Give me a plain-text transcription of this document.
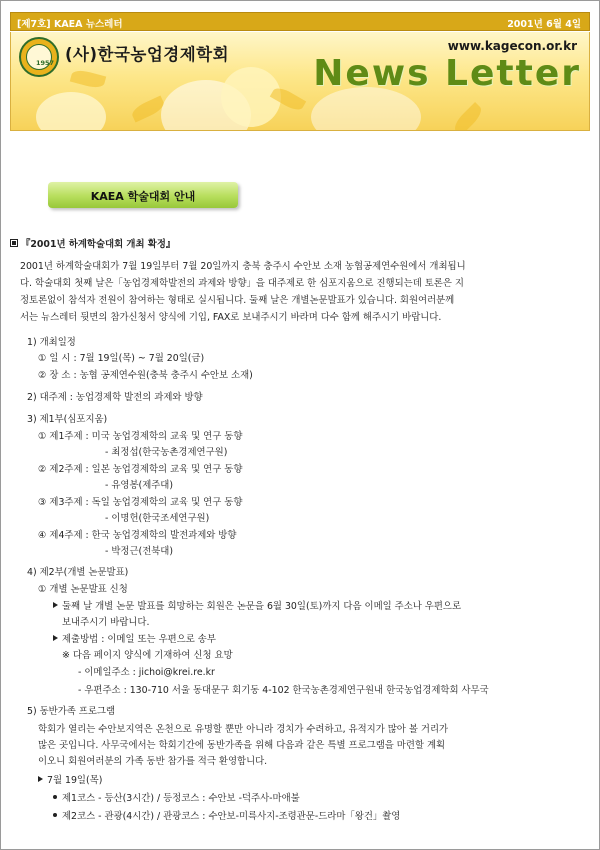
[제7호] KAEA 뉴스레터	2001년 6월 4일
1957 (사)한국농업경제학회	www.kagecon.or.kr
News Letter
KAEA 학술대회 안내
『2001년 하계학술대회 개최 확정』
2001년 하계학술대회가 7월 19일부터 7월 20일까지 충북 충주시 수안보 소재 농협공제연수원에서 개최됩니
다. 학술대회 첫째 날은「농업경제학발전의 과제와 방향」을 대주제로 한 심포지움으로 진행되는데 토론은 지
정토론없이 참석자 전원이 참여하는 형태로 실시됩니다. 둘째 날은 개별논문발표가 있습니다. 회원여러분께
서는 뉴스레터 뒷면의 참가신청서 양식에 기입, FAX로 보내주시기 바라며 다수 함께 해주시기 바랍니다.
1) 개최일정
① 일 시 : 7월 19일(목) ~ 7월 20일(금)
② 장 소 : 농협 공제연수원(충북 충주시 수안보 소재)
2) 대주제 : 농업경제학 발전의 과제와 방향
3) 제1부(심포지움)
① 제1주제 : 미국 농업경제학의 교육 및 연구 동향
- 최정섭(한국농촌경제연구원)
② 제2주제 : 일본 농업경제학의 교육 및 연구 동향
- 유영봉(제주대)
③ 제3주제 : 독일 농업경제학의 교육 및 연구 동향
- 이명헌(한국조세연구원)
④ 제4주제 : 한국 농업경제학의 발전과제와 방향
- 박정근(전북대)
4) 제2부(개별 논문발표)
① 개별 논문발표 신청
둘째 날 개별 논문 발표를 희망하는 회원은 논문을 6월 30일(토)까지 다음 이메일 주소나 우편으로
보내주시기 바랍니다.
제출방법 : 이메일 또는 우편으로 송부
※ 다음 페이지 양식에 기재하여 신청 요망
- 이메일주소 : jichoi@krei.re.kr
- 우편주소 : 130-710 서울 동대문구 회기동 4-102 한국농촌경제연구원내 한국농업경제학회 사무국
5) 동반가족 프로그램
학회가 열리는 수안보지역은 온천으로 유명할 뿐만 아니라 경치가 수려하고, 유적지가 많아 볼 거리가
많은 곳입니다. 사무국에서는 학회기간에 동반가족을 위해 다음과 같은 특별 프로그램을 마련할 계획
이오니 회원여러분의 가족 동반 참가를 적극 환영합니다.
7월 19일(목)
제1코스 - 등산(3시간) / 등정코스 : 수안보 -덕주사-마애불
제2코스 - 관광(4시간) / 관광코스 : 수안보-미륵사지-조령관문-드라마「왕건」촬영
